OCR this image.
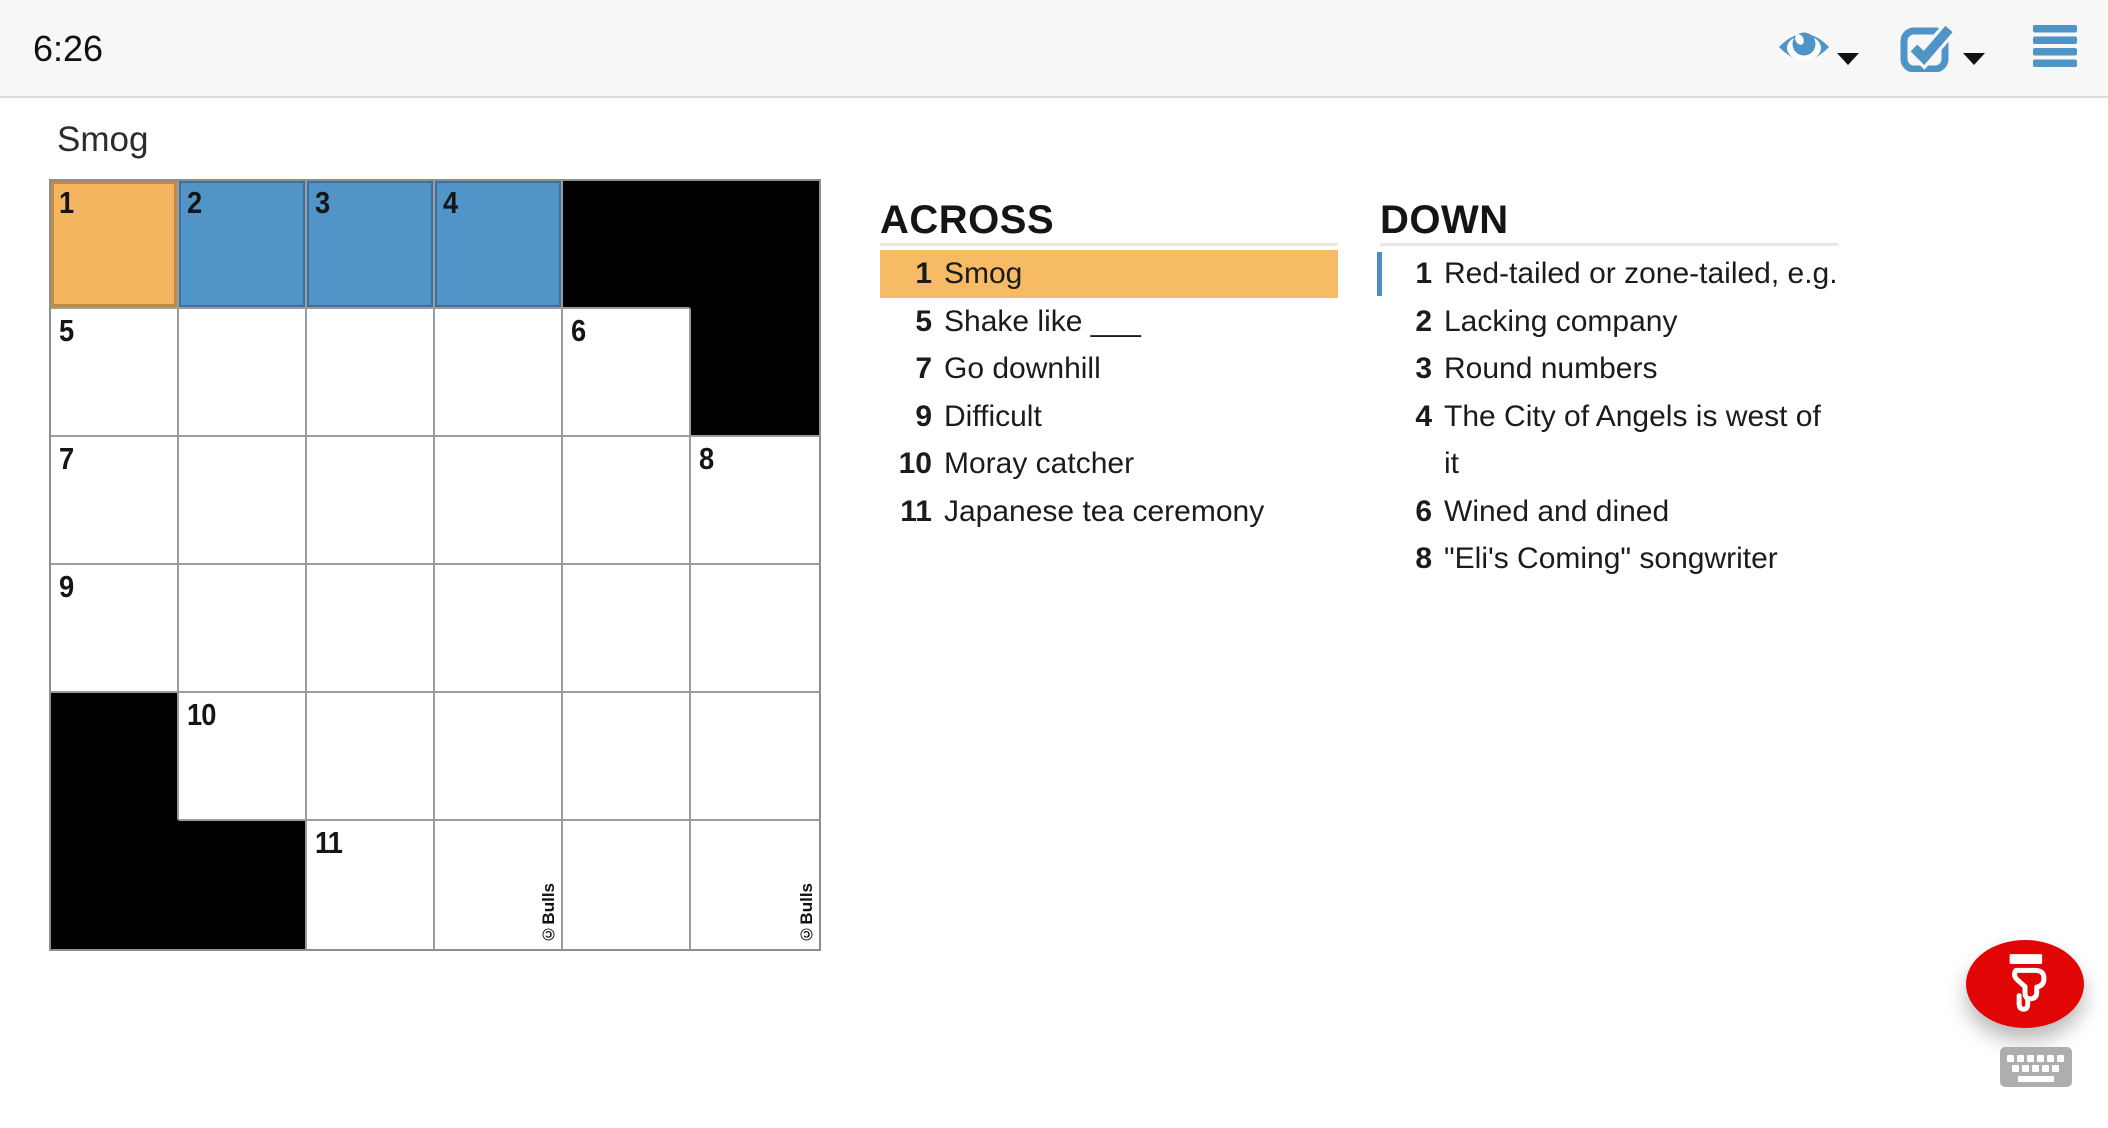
6:26
Smog
1	2	3	4
5	6
7	8
9
10
11
©Bulls	©Bulls
ACROSS
1 Smog
5 Shake like ___
7 Go downhill
9 Difficult
10 Moray catcher
11 Japanese tea ceremony
DOWN
1 Red-tailed or zone-tailed, e.g.
2 Lacking company
3 Round numbers
4 The City of Angels is west of it
6 Wined and dined
8 "Eli's Coming" songwriter
